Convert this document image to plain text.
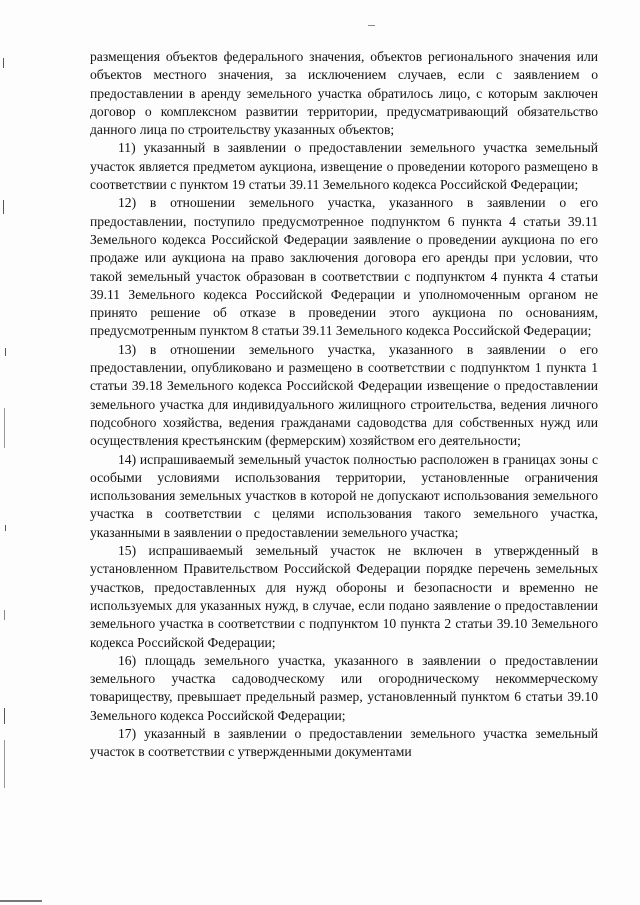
размещения объектов федерального значения, объектов регионального значения или объектов местного значения, за исключением случаев, если с заявлением о предоставлении в аренду земельного участка обратилось лицо, с которым заключен договор о комплексном развитии территории, предусматривающий обязательство данного лица по строительству указанных объектов;

11) указанный в заявлении о предоставлении земельного участка земельный участок является предметом аукциона, извещение о проведении которого размещено в соответствии с пунктом 19 статьи 39.11 Земельного кодекса Российской Федерации;

12) в отношении земельного участка, указанного в заявлении о его предоставлении, поступило предусмотренное подпунктом 6 пункта 4 статьи 39.11 Земельного кодекса Российской Федерации заявление о проведении аукциона по его продаже или аукциона на право заключения договора его аренды при условии, что такой земельный участок образован в соответствии с подпунктом 4 пункта 4 статьи 39.11 Земельного кодекса Российской Федерации и уполномоченным органом не принято решение об отказе в проведении этого аукциона по основаниям, предусмотренным пунктом 8 статьи 39.11 Земельного кодекса Российской Федерации;

13) в отношении земельного участка, указанного в заявлении о его предоставлении, опубликовано и размещено в соответствии с подпунктом 1 пункта 1 статьи 39.18 Земельного кодекса Российской Федерации извещение о предоставлении земельного участка для индивидуального жилищного строительства, ведения личного подсобного хозяйства, ведения гражданами садоводства для собственных нужд или осуществления крестьянским (фермерским) хозяйством его деятельности;

14) испрашиваемый земельный участок полностью расположен в границах зоны с особыми условиями использования территории, установленные ограничения использования земельных участков в которой не допускают использования земельного участка в соответствии с целями использования такого земельного участка, указанными в заявлении о предоставлении земельного участка;

15) испрашиваемый земельный участок не включен в утвержденный в установленном Правительством Российской Федерации порядке перечень земельных участков, предоставленных для нужд обороны и безопасности и временно не используемых для указанных нужд, в случае, если подано заявление о предоставлении земельного участка в соответствии с подпунктом 10 пункта 2 статьи 39.10 Земельного кодекса Российской Федерации;

16) площадь земельного участка, указанного в заявлении о предоставлении земельного участка садоводческому или огородническому некоммерческому товариществу, превышает предельный размер, установленный пунктом 6 статьи 39.10 Земельного кодекса Российской Федерации;

17) указанный в заявлении о предоставлении земельного участка земельный участок в соответствии с утвержденными документами
